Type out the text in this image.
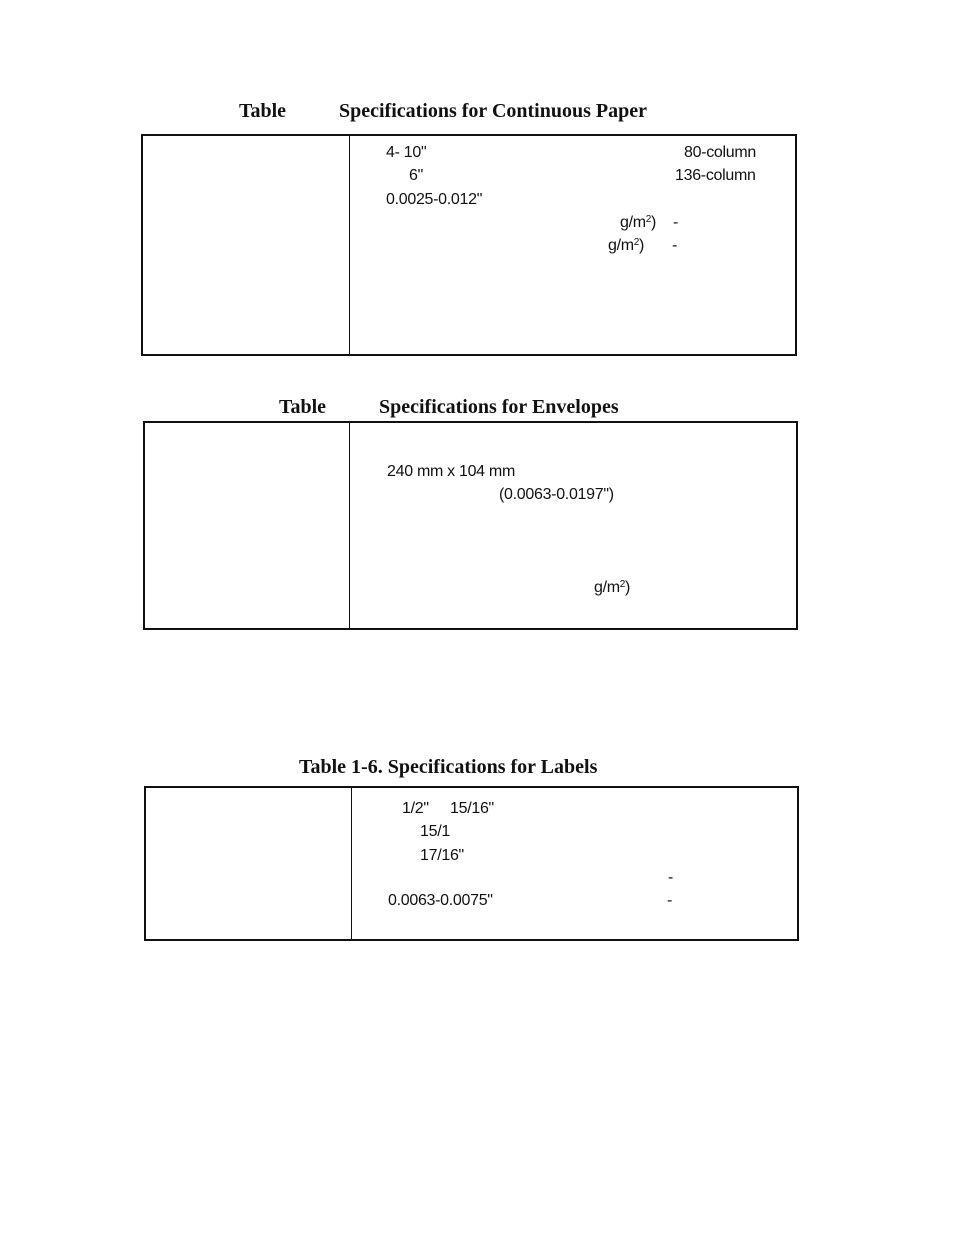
Table	Specifications for Continuous Paper
4- 10"	80-column
6"	136-column
0.0025-0.012"
$g/m^2$) -
$g/m^2$) -
Table	Specifications for Envelopes
240 mm x 104 mm
(0.0063-0.0197")
$g/m^2$)
Table 1-6. Specifications for Labels
1/2" 15/16"
15/1
17/16"
-
0.0063-0.0075"	-
